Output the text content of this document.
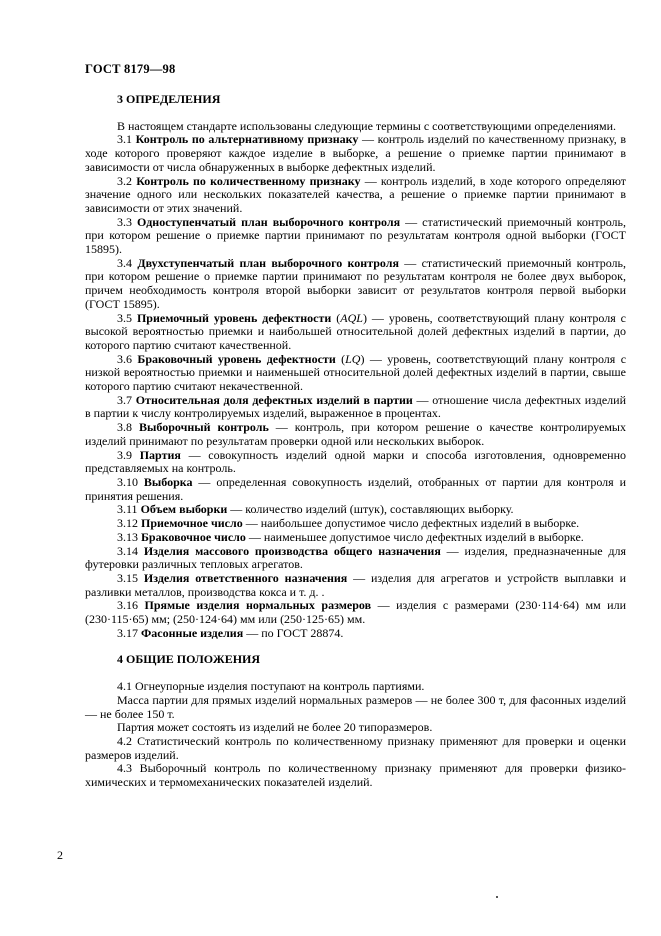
ГОСТ 8179—98
3 ОПРЕДЕЛЕНИЯ

В настоящем стандарте использованы следующие термины с соответствующими определениями.

3.1 Контроль по альтернативному признаку — контроль изделий по качественному признаку, в ходе которого проверяют каждое изделие в выборке, а решение о приемке партии принимают в зависимости от числа обнаруженных в выборке дефектных изделий.

3.2 Контроль по количественному признаку — контроль изделий, в ходе которого определяют значение одного или нескольких показателей качества, а решение о приемке партии принимают в зависимости от этих значений.

3.3 Одноступенчатый план выборочного контроля — статистический приемочный контроль, при котором решение о приемке партии принимают по результатам контроля одной выборки (ГОСТ 15895).

3.4 Двухступенчатый план выборочного контроля — статистический приемочный контроль, при котором решение о приемке партии принимают по результатам контроля не более двух выборок, причем необходимость контроля второй выборки зависит от результатов контроля первой выборки (ГОСТ 15895).

3.5 Приемочный уровень дефектности (AQL) — уровень, соответствующий плану контроля с высокой вероятностью приемки и наибольшей относительной долей дефектных изделий в партии, до которого партию считают качественной.

3.6 Браковочный уровень дефектности (LQ) — уровень, соответствующий плану контроля с низкой вероятностью приемки и наименьшей относительной долей дефектных изделий в партии, свыше которого партию считают некачественной.

3.7 Относительная доля дефектных изделий в партии — отношение числа дефектных изделий в партии к числу контролируемых изделий, выраженное в процентах.

3.8 Выборочный контроль — контроль, при котором решение о качестве контролируемых изделий принимают по результатам проверки одной или нескольких выборок.

3.9 Партия — совокупность изделий одной марки и способа изготовления, одновременно представляемых на контроль.

3.10 Выборка — определенная совокупность изделий, отобранных от партии для контроля и принятия решения.

3.11 Объем выборки — количество изделий (штук), составляющих выборку.

3.12 Приемочное число — наибольшее допустимое число дефектных изделий в выборке.

3.13 Браковочное число — наименьшее допустимое число дефектных изделий в выборке.

3.14 Изделия массового производства общего назначения — изделия, предназначенные для футеровки различных тепловых агрегатов.

3.15 Изделия ответственного назначения — изделия для агрегатов и устройств выплавки и разливки металлов, производства кокса и т. д. .

3.16 Прямые изделия нормальных размеров — изделия с размерами (230·114·64) мм или (230·115·65) мм; (250·124·64) мм или (250·125·65) мм.

3.17 Фасонные изделия — по ГОСТ 28874.

4 ОБЩИЕ ПОЛОЖЕНИЯ

4.1 Огнеупорные изделия поступают на контроль партиями.

Масса партии для прямых изделий нормальных размеров — не более 300 т, для фасонных изделий — не более 150 т.

Партия может состоять из изделий не более 20 типоразмеров.

4.2 Статистический контроль по количественному признаку применяют для проверки и оценки размеров изделий.

4.3 Выборочный контроль по количественному признаку применяют для проверки физико-химических и термомеханических показателей изделий.

2
